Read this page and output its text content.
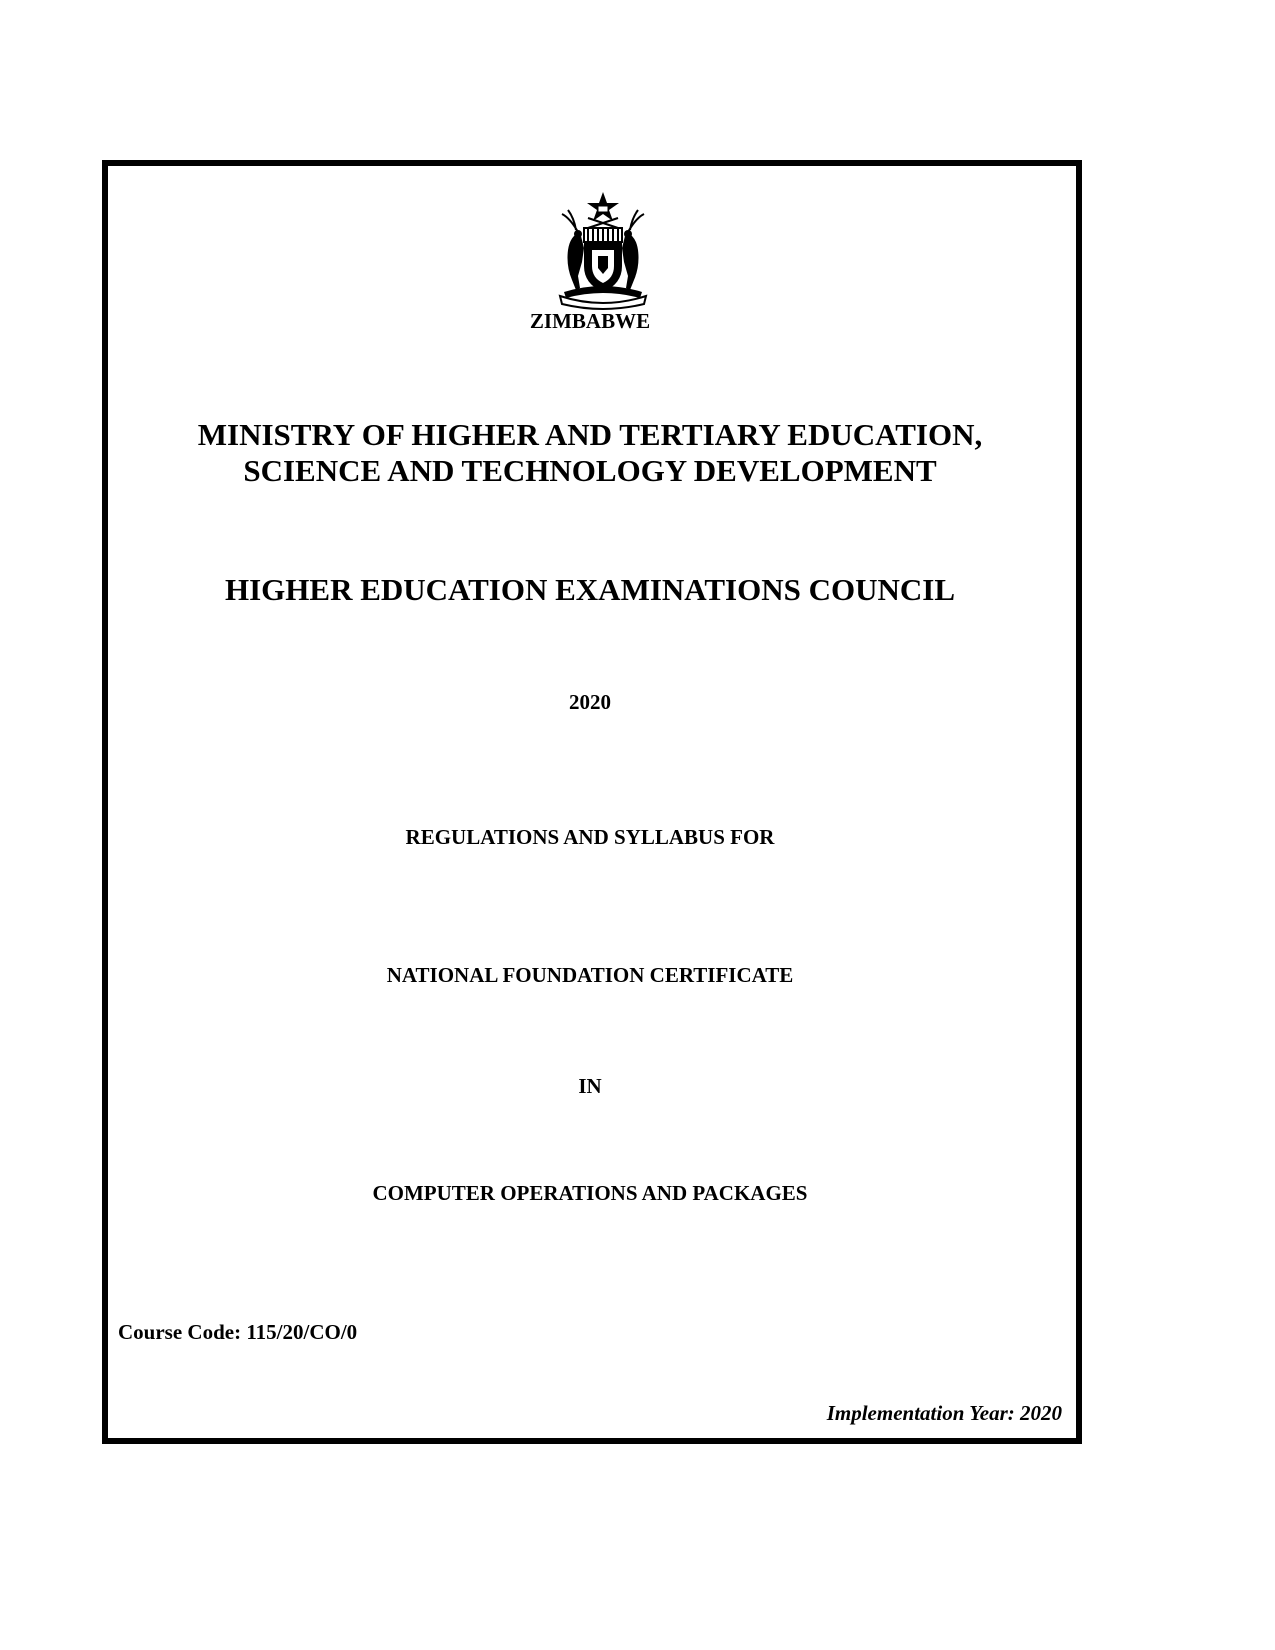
ZIMBABWE
MINISTRY OF HIGHER AND TERTIARY EDUCATION,
SCIENCE AND TECHNOLOGY DEVELOPMENT
HIGHER EDUCATION EXAMINATIONS COUNCIL
2020
REGULATIONS AND SYLLABUS FOR
NATIONAL FOUNDATION CERTIFICATE
IN
COMPUTER OPERATIONS AND PACKAGES
Course Code: 115/20/CO/0
Implementation Year: 2020
